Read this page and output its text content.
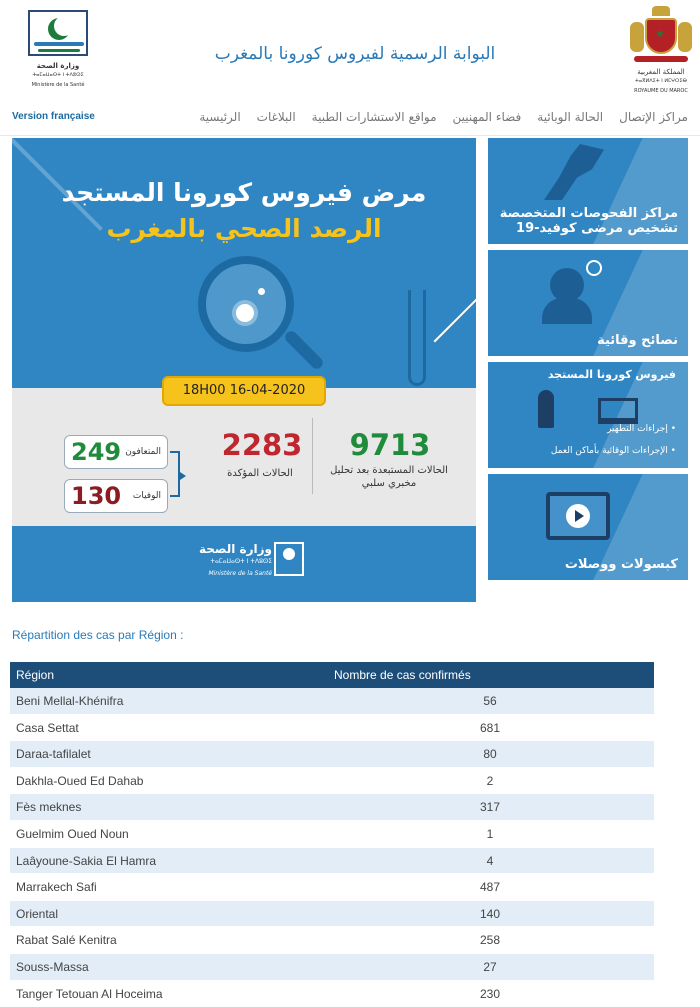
وزارة الصحة
ⵜⴰⵎⴰⵡⴰⵙⵜ ⵏ ⵜⴷⵓⵙⵉ
Ministère de la Santé
البوابة الرسمية لفيروس كورونا بالمغرب
✶
المملكة المغربية
ⵜⴰⴳⵍⴷⵉⵜ ⵏ ⵍⵎⵖⵔⵉⴱ
ROYAUME DU MAROC
Version française	الرئيسية البلاغات مواقع الاستشارات الطبية فضاء المهنيين الحالة الوبائية مراكز الإتصال
مرض فيروس كورونا المستجد
الرصد الصحي بالمغرب
18H00 16-04-2020
9713
الحالات المستبعدة بعد تحليل مخبري سلبي
2283
الحالات المؤكدة
249 المتعافون
130 الوفيات
وزارة الصحة
ⵜⴰⵎⴰⵡⴰⵙⵜ ⵏ ⵜⴷⵓⵙⵉ
Ministère de la Santé
مراكز الفحوصات المتخصصة تشخيص مرضى كوفيد-19
نصائح وقائية
فيروس كورونا المستجد
• إجراءات التطهير
• الإجراءات الوقائية بأماكن العمل
كبسولات ووصلات
Répartition des cas par Région :
Région	Nombre de cas confirmés
Beni Mellal-Khénifra	56
Casa Settat	681
Daraa-tafilalet	80
Dakhla-Oued Ed Dahab	2
Fès meknes	317
Guelmim Oued Noun	1
Laâyoune-Sakia El Hamra	4
Marrakech Safi	487
Oriental	140
Rabat Salé Kenitra	258
Souss-Massa	27
Tanger Tetouan Al Hoceima	230
